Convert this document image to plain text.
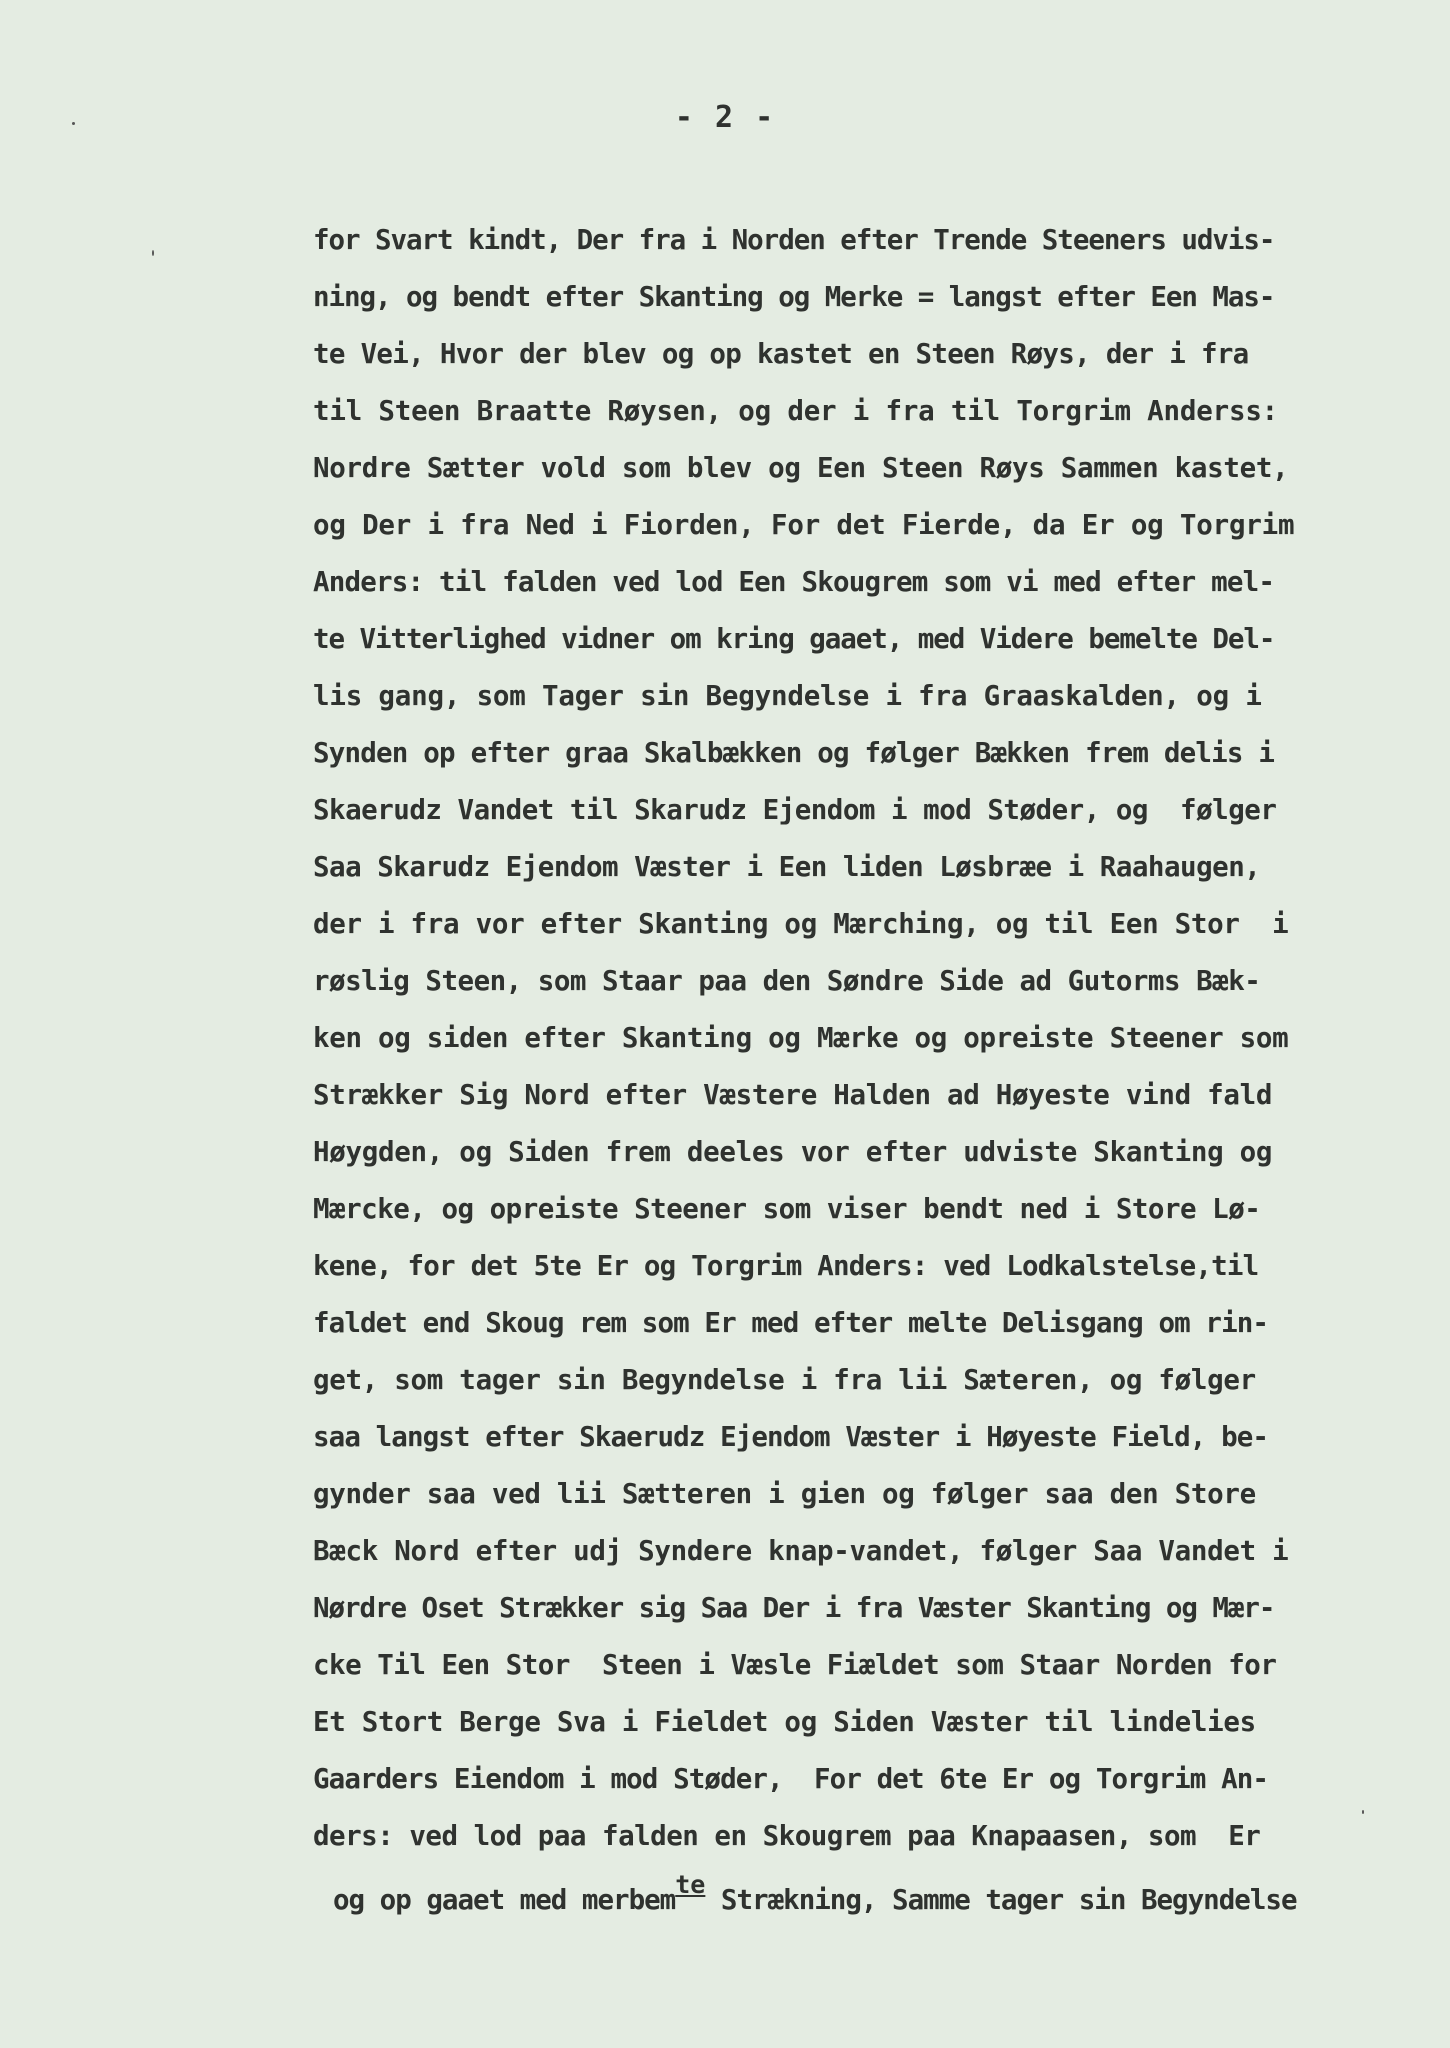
- 2 -
for Svart kindt, Der fra i Norden efter Trende Steeners udvis-
ning, og bendt efter Skanting og Merke = langst efter Een Mas-
te Vei, Hvor der blev og op kastet en Steen Røys, der i fra
til Steen Braatte Røysen, og der i fra til Torgrim Anderss:
Nordre Sætter vold som blev og Een Steen Røys Sammen kastet,
og Der i fra Ned i Fiorden, For det Fierde, da Er og Torgrim
Anders: til falden ved lod Een Skougrem som vi med efter mel-
te Vitterlighed vidner om kring gaaet, med Videre bemelte Del-
lis gang, som Tager sin Begyndelse i fra Graaskalden, og i
Synden op efter graa Skalbækken og følger Bækken frem delis i
Skaerudz Vandet til Skarudz Ejendom i mod Støder, og  følger
Saa Skarudz Ejendom Væster i Een liden Løsbræe i Raahaugen,
der i fra vor efter Skanting og Mærching, og til Een Stor  i
røslig Steen, som Staar paa den Søndre Side ad Gutorms Bæk-
ken og siden efter Skanting og Mærke og opreiste Steener som
Strækker Sig Nord efter Væstere Halden ad Høyeste vind fald
Høygden, og Siden frem deeles vor efter udviste Skanting og
Mærcke, og opreiste Steener som viser bendt ned i Store Lø-
kene, for det 5te Er og Torgrim Anders: ved Lodkalstelse,til
faldet end Skoug rem som Er med efter melte Delisgang om rin-
get, som tager sin Begyndelse i fra lii Sæteren, og følger
saa langst efter Skaerudz Ejendom Væster i Høyeste Field, be-
gynder saa ved lii Sætteren i gien og følger saa den Store
Bæck Nord efter udj Syndere knap-vandet, følger Saa Vandet i
Nørdre Oset Strækker sig Saa Der i fra Væster Skanting og Mær-
cke Til Een Stor  Steen i Væsle Fiældet som Staar Norden for
Et Stort Berge Sva i Fieldet og Siden Væster til lindelies
Gaarders Eiendom i mod Støder,  For det 6te Er og Torgrim An-
ders: ved lod paa falden en Skougrem paa Knapaasen, som  Er
og op gaaet med merbemte Strækning, Samme tager sin Begyndelse
